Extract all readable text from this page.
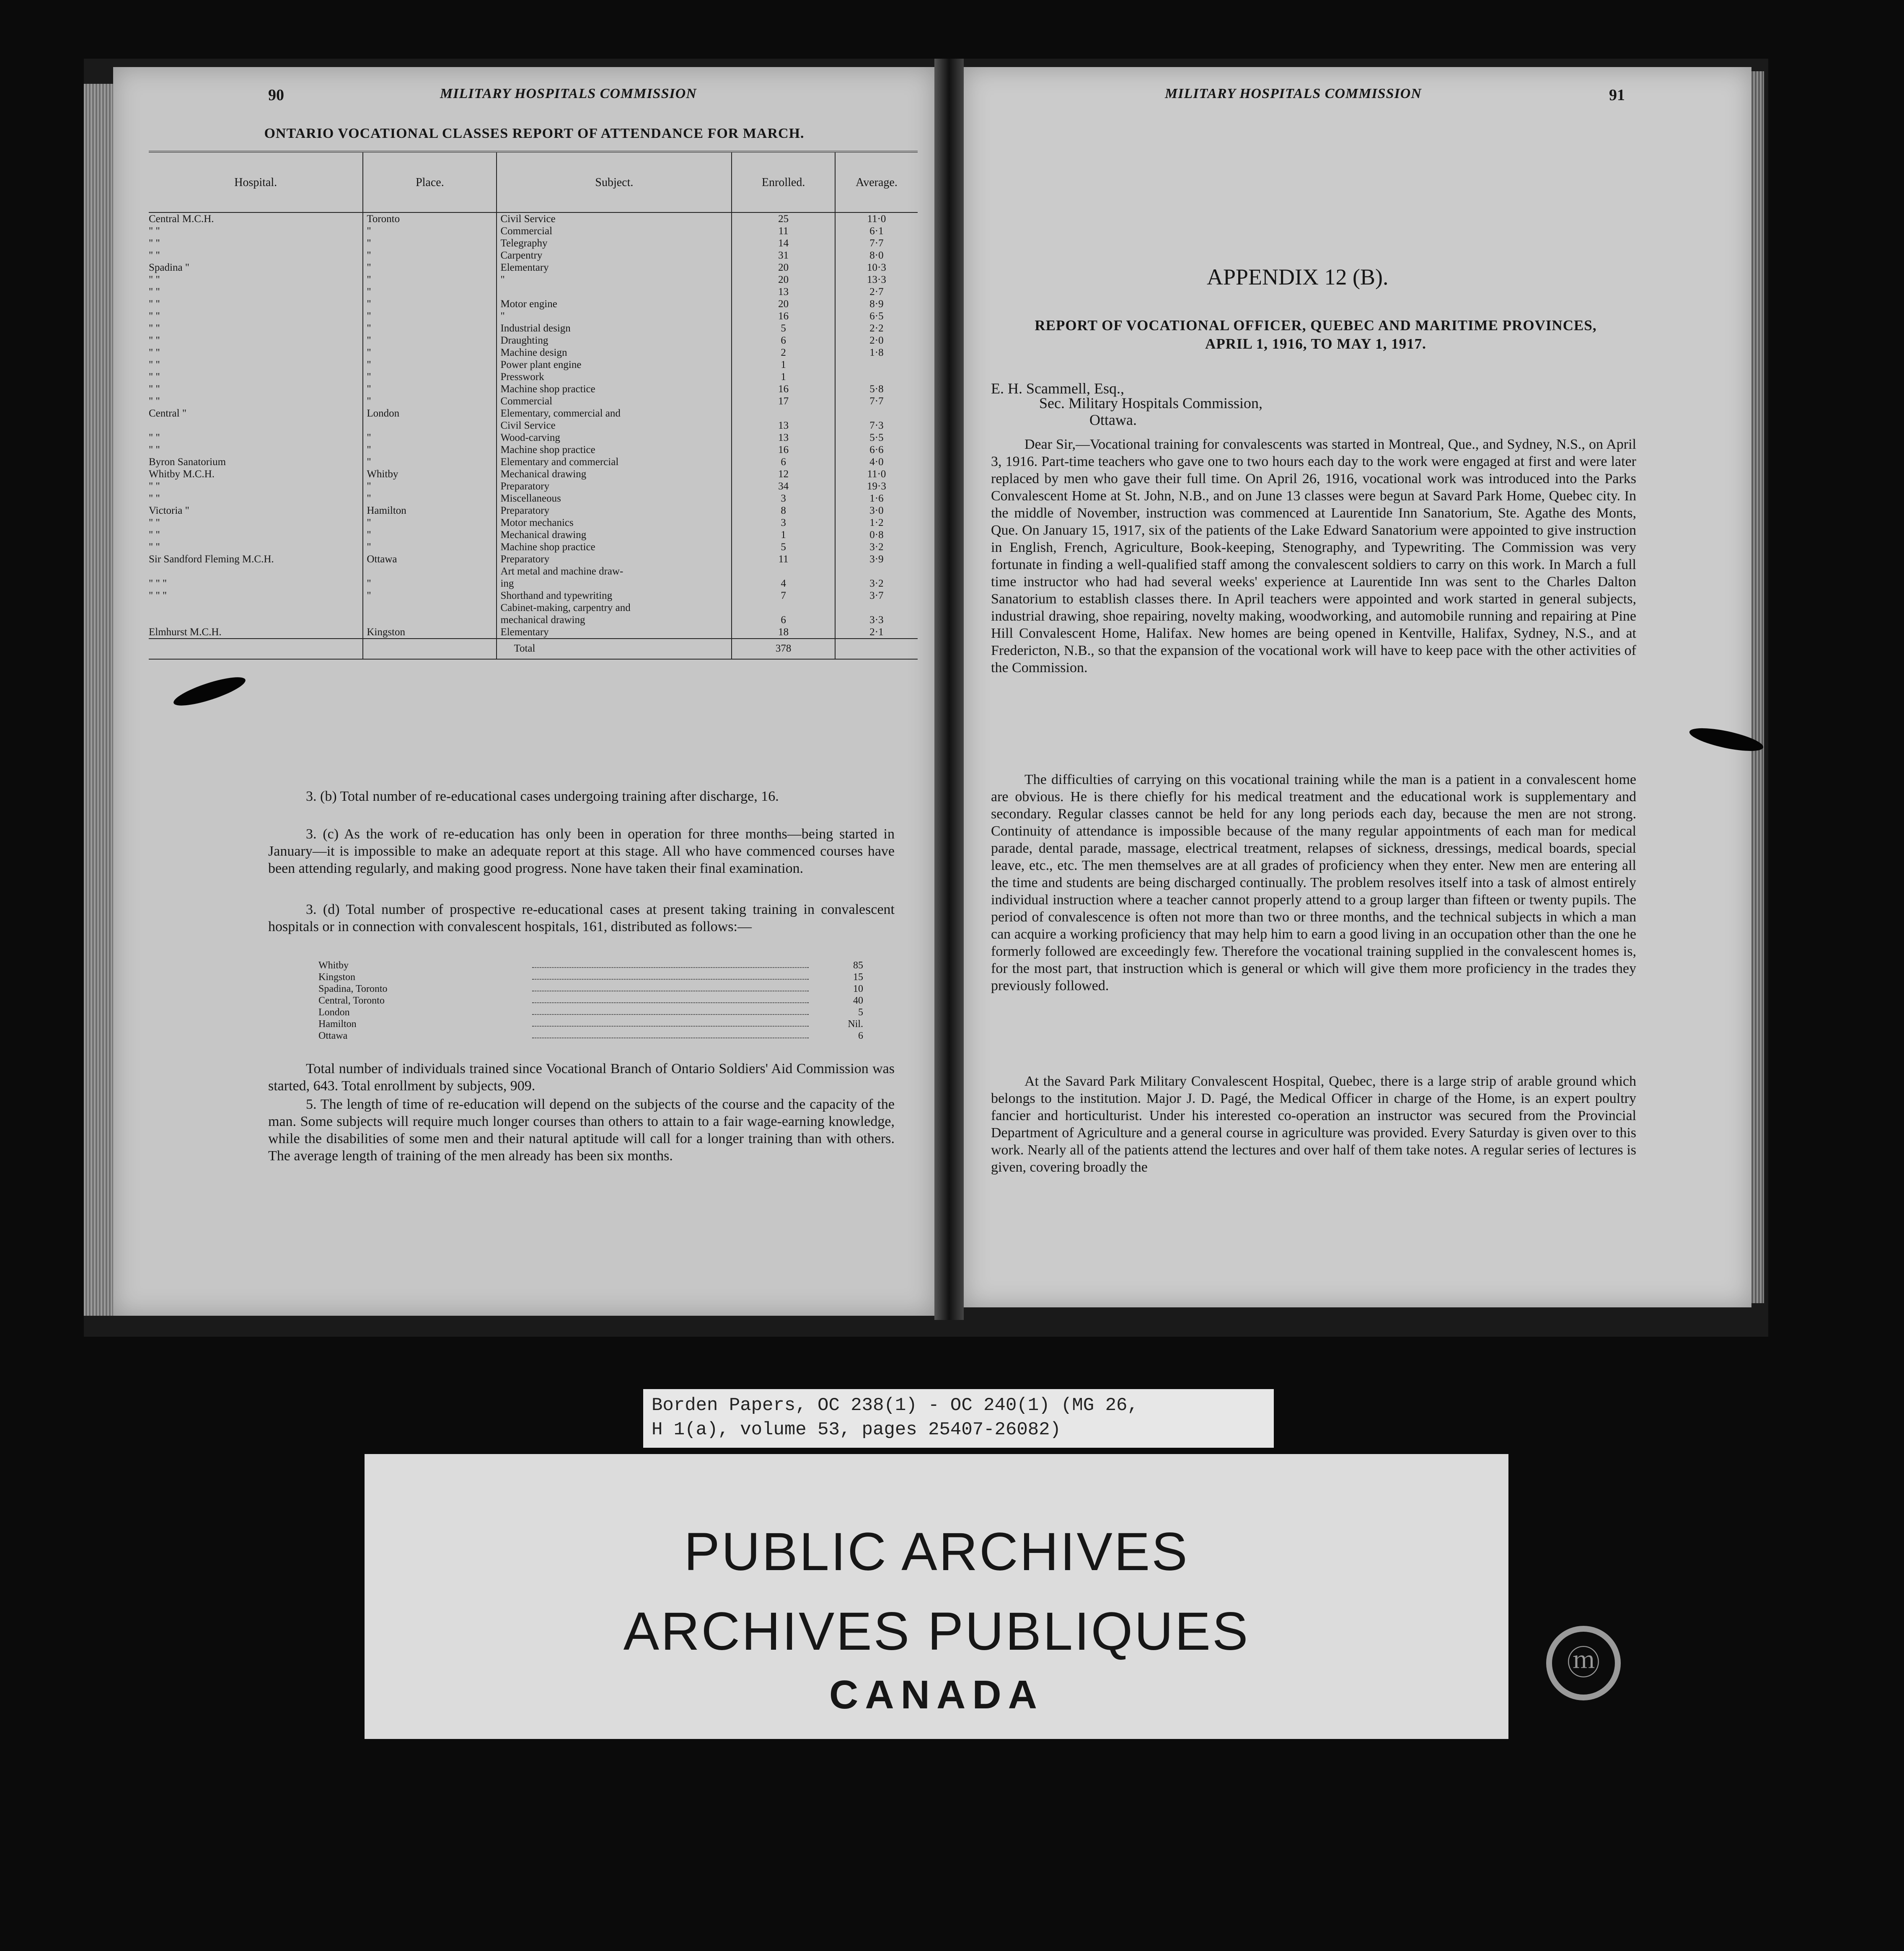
90	MILITARY HOSPITALS COMMISSION
ONTARIO VOCATIONAL CLASSES REPORT OF ATTENDANCE FOR MARCH.
Hospital.	Place.	Subject.	Enrolled.	Average.
Central M.C.H.	Toronto	Civil Service	25	11·0
" "	"	Commercial	11	6·1
" "	"	Telegraphy	14	7·7
" "	"	Carpentry	31	8·0
Spadina "	"	Elementary	20	10·3
" "	"	"	20	13·3
" "	"		13	2·7
" "	"	Motor engine	20	8·9
" "	"	"	16	6·5
" "	"	Industrial design	5	2·2
" "	"	Draughting	6	2·0
" "	"	Machine design	2	1·8
" "	"	Power plant engine	1	
" "	"	Presswork	1	
" "	"	Machine shop practice	16	5·8
" "	"	Commercial	17	7·7
Central "	London	Elementary, commercial and		
		Civil Service	13	7·3
" "	"	Wood-carving	13	5·5
" "	"	Machine shop practice	16	6·6
Byron Sanatorium	"	Elementary and commercial	6	4·0
Whitby M.C.H.	Whitby	Mechanical drawing	12	11·0
" "	"	Preparatory	34	19·3
" "	"	Miscellaneous	3	1·6
Victoria "	Hamilton	Preparatory	8	3·0
" "	"	Motor mechanics	3	1·2
" "	"	Mechanical drawing	1	0·8
" "	"	Machine shop practice	5	3·2
Sir Sandford Fleming M.C.H.	Ottawa	Preparatory	11	3·9
		Art metal and machine draw-		
" " "	"	ing	4	3·2
" " "	"	Shorthand and typewriting	7	3·7
		Cabinet-making, carpentry and		
		mechanical drawing	6	3·3
Elmhurst M.C.H.	Kingston	Elementary	18	2·1
		Total	378	
3. (b) Total number of re-educational cases undergoing training after discharge, 16.
3. (c) As the work of re-education has only been in operation for three months—being started in January—it is impossible to make an adequate report at this stage. All who have commenced courses have been attending regularly, and making good progress. None have taken their final examination.
3. (d) Total number of prospective re-educational cases at present taking training in convalescent hospitals or in connection with convalescent hospitals, 161, distributed as follows:—
Whitby	85
Kingston	15
Spadina, Toronto	10
Central, Toronto	40
London	5
Hamilton	Nil.
Ottawa	6
Total number of individuals trained since Vocational Branch of Ontario Soldiers' Aid Commission was started, 643. Total enrollment by subjects, 909.
5. The length of time of re-education will depend on the subjects of the course and the capacity of the man. Some subjects will require much longer courses than others to attain to a fair wage-earning knowledge, while the disabilities of some men and their natural aptitude will call for a longer training than with others. The average length of training of the men already has been six months.
MILITARY HOSPITALS COMMISSION	91
APPENDIX 12 (B).
REPORT OF VOCATIONAL OFFICER, QUEBEC AND MARITIME PROVINCES,
APRIL 1, 1916, TO MAY 1, 1917.
E. H. Scammell, Esq.,
Sec. Military Hospitals Commission,
Ottawa.
Dear Sir,—Vocational training for convalescents was started in Montreal, Que., and Sydney, N.S., on April 3, 1916. Part-time teachers who gave one to two hours each day to the work were engaged at first and were later replaced by men who gave their full time. On April 26, 1916, vocational work was introduced into the Parks Convalescent Home at St. John, N.B., and on June 13 classes were begun at Savard Park Home, Quebec city. In the middle of November, instruction was commenced at Laurentide Inn Sanatorium, Ste. Agathe des Monts, Que. On January 15, 1917, six of the patients of the Lake Edward Sanatorium were appointed to give instruction in English, French, Agriculture, Book-keeping, Stenography, and Typewriting. The Commission was very fortunate in finding a well-qualified staff among the convalescent soldiers to carry on this work. In March a full time instructor who had had several weeks' experience at Laurentide Inn was sent to the Charles Dalton Sanatorium to establish classes there. In April teachers were appointed and work started in general subjects, industrial drawing, shoe repairing, novelty making, woodworking, and automobile running and repairing at Pine Hill Convalescent Home, Halifax. New homes are being opened in Kentville, Halifax, Sydney, N.S., and at Fredericton, N.B., so that the expansion of the vocational work will have to keep pace with the other activities of the Commission.
The difficulties of carrying on this vocational training while the man is a patient in a convalescent home are obvious. He is there chiefly for his medical treatment and the educational work is supplementary and secondary. Regular classes cannot be held for any long periods each day, because the men are not strong. Continuity of attendance is impossible because of the many regular appointments of each man for medical parade, dental parade, massage, electrical treatment, relapses of sickness, dressings, medical boards, special leave, etc., etc. The men themselves are at all grades of proficiency when they enter. New men are entering all the time and students are being discharged continually. The problem resolves itself into a task of almost entirely individual instruction where a teacher cannot properly attend to a group larger than fifteen or twenty pupils. The period of convalescence is often not more than two or three months, and the technical subjects in which a man can acquire a working proficiency that may help him to earn a good living in an occupation other than the one he formerly followed are exceedingly few. Therefore the vocational training supplied in the convalescent homes is, for the most part, that instruction which is general or which will give them more proficiency in the trades they previously followed.
At the Savard Park Military Convalescent Hospital, Quebec, there is a large strip of arable ground which belongs to the institution. Major J. D. Pagé, the Medical Officer in charge of the Home, is an expert poultry fancier and horticulturist. Under his interested co-operation an instructor was secured from the Provincial Department of Agriculture and a general course in agriculture was provided. Every Saturday is given over to this work. Nearly all of the patients attend the lectures and over half of them take notes. A regular series of lectures is given, covering broadly the
Borden Papers, OC 238(1) - OC 240(1) (MG 26,
H 1(a), volume 53, pages 25407-26082)
PUBLIC ARCHIVES
ARCHIVES PUBLIQUES
CANADA
ⓜ
